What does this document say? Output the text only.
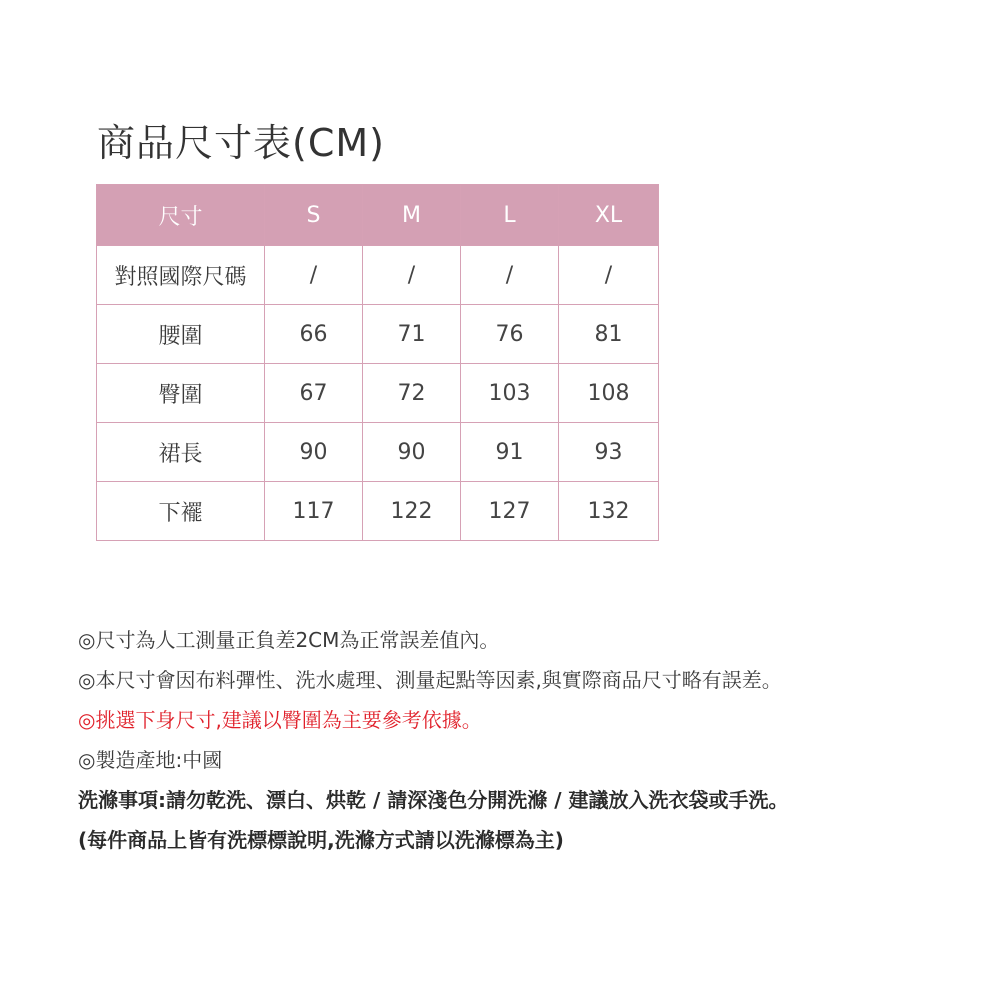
商品尺寸表(CM)
尺寸	S	M	L	XL
對照國際尺碼	/	/	/	/
腰圍	66	71	76	81
臀圍	67	72	103	108
裙長	90	90	91	93
下襬	117	122	127	132
◎尺寸為人工測量正負差2CM為正常誤差值內。
◎本尺寸會因布料彈性、洗水處理、測量起點等因素,與實際商品尺寸略有誤差。
◎挑選下身尺寸,建議以臀圍為主要參考依據。
◎製造產地:中國
洗滌事項:請勿乾洗、漂白、烘乾 / 請深淺色分開洗滌 / 建議放入洗衣袋或手洗。
(每件商品上皆有洗標標說明,洗滌方式請以洗滌標為主)
